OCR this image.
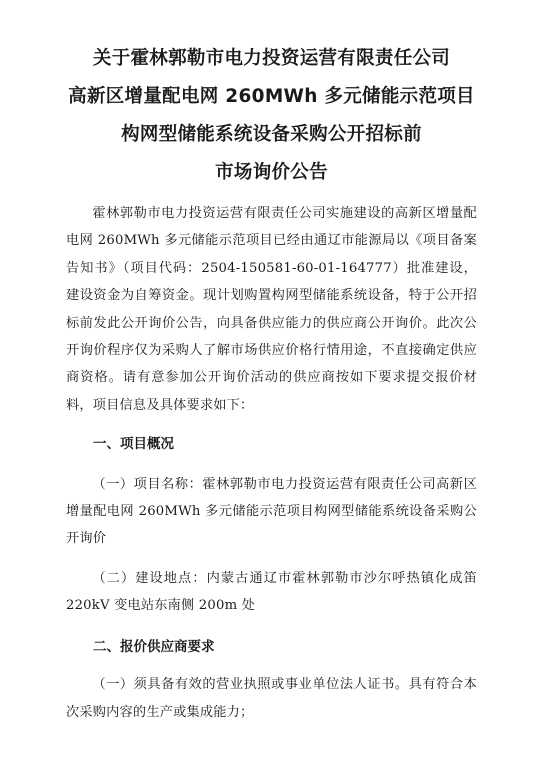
关于霍林郭勒市电力投资运营有限责任公司
高新区增量配电网 260MWh 多元储能示范项目
构网型储能系统设备采购公开招标前
市场询价公告

霍林郭勒市电力投资运营有限责任公司实施建设的高新区增量配电网 260MWh 多元储能示范项目已经由通辽市能源局以《项目备案告知书》（项目代码：2504-150581-60-01-164777）批准建设，建设资金为自筹资金。现计划购置构网型储能系统设备，特于公开招标前发此公开询价公告，向具备供应能力的供应商公开询价。此次公开询价程序仅为采购人了解市场供应价格行情用途，不直接确定供应商资格。请有意参加公开询价活动的供应商按如下要求提交报价材料，项目信息及具体要求如下：

一、项目概况

（一）项目名称：霍林郭勒市电力投资运营有限责任公司高新区增量配电网 260MWh 多元储能示范项目构网型储能系统设备采购公开询价

（二）建设地点：内蒙古通辽市霍林郭勒市沙尔呼热镇化成笛 220kV 变电站东南侧 200m 处

二、报价供应商要求

（一）须具备有效的营业执照或事业单位法人证书。具有符合本次采购内容的生产或集成能力；
